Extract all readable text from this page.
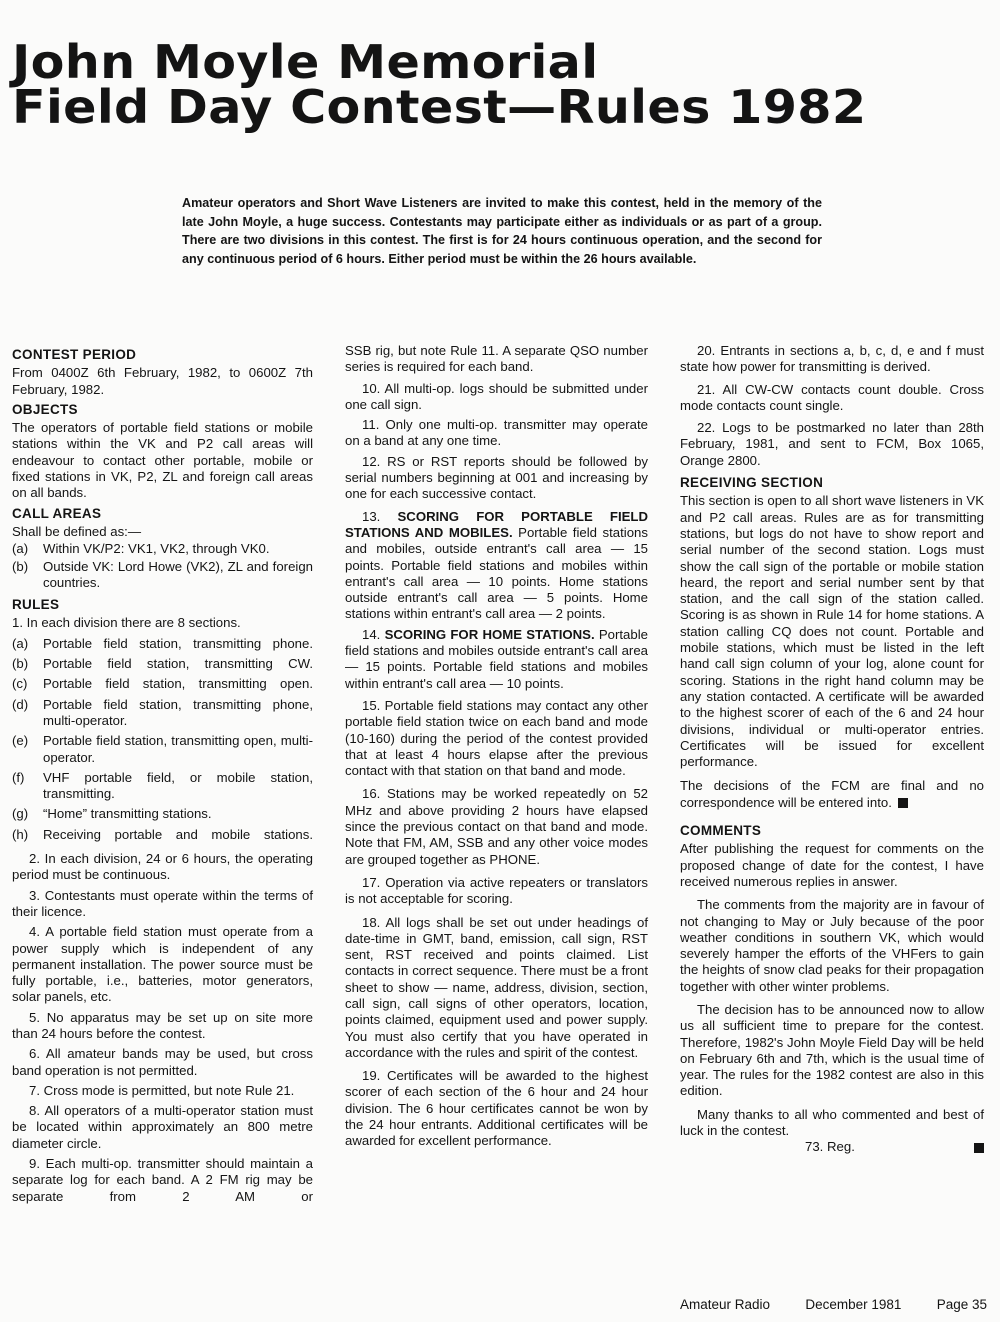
John Moyle Memorial
Field Day Contest—Rules 1982
Amateur operators and Short Wave Listeners are invited to make this contest, held in the memory of the late John Moyle, a huge success. Contestants may participate either as individuals or as part of a group. There are two divisions in this contest. The first is for 24 hours continuous operation, and the second for any continuous period of 6 hours. Either period must be within the 26 hours available.
CONTEST PERIOD

From 0400Z 6th February, 1982, to 0600Z 7th February, 1982.

OBJECTS

The operators of portable field stations or mobile stations within the VK and P2 call areas will endeavour to contact other portable, mobile or fixed stations in VK, P2, ZL and foreign call areas on all bands.

CALL AREAS

Shall be defined as:—

(a)	Within VK/P2: VK1, VK2, through VK0.
(b)	Outside VK: Lord Howe (VK2), ZL and foreign countries.
RULES

1. In each division there are 8 sections.

(a)	Portable field station, transmitting phone.
(b)	Portable field station, transmitting CW.
(c)	Portable field station, transmitting open.
(d)	Portable field station, transmitting phone, multi-operator.
(e)	Portable field station, transmitting open, multi-operator.
(f)	VHF portable field, or mobile station, transmitting.
(g)	“Home” transmitting stations.
(h)	Receiving portable and mobile stations.

2. In each division, 24 or 6 hours, the operating period must be continuous.

3. Contestants must operate within the terms of their licence.

4. A portable field station must operate from a power supply which is independent of any permanent installation. The power source must be fully portable, i.e., batteries, motor generators, solar panels, etc.

5. No apparatus may be set up on site more than 24 hours before the contest.

6. All amateur bands may be used, but cross band operation is not permitted.

7. Cross mode is permitted, but note Rule 21.

8. All operators of a multi-operator station must be located within approximately an 800 metre diameter circle.

9. Each multi-op. transmitter should maintain a separate log for each band. A 2 FM rig may be separate from 2 AM or

SSB rig, but note Rule 11. A separate QSO number series is required for each band.

10. All multi-op. logs should be submitted under one call sign.

11. Only one multi-op. transmitter may operate on a band at any one time.

12. RS or RST reports should be followed by serial numbers beginning at 001 and increasing by one for each successive contact.

13. SCORING FOR PORTABLE FIELD STATIONS AND MOBILES. Portable field stations and mobiles, outside entrant's call area — 15 points. Portable field stations and mobiles within entrant's call area — 10 points. Home stations outside entrant's call area — 5 points. Home stations within entrant's call area — 2 points.

14. SCORING FOR HOME STATIONS. Portable field stations and mobiles outside entrant's call area — 15 points. Portable field stations and mobiles within entrant's call area — 10 points.

15. Portable field stations may contact any other portable field station twice on each band and mode (10-160) during the period of the contest provided that at least 4 hours elapse after the previous contact with that station on that band and mode.

16. Stations may be worked repeatedly on 52 MHz and above providing 2 hours have elapsed since the previous contact on that band and mode. Note that FM, AM, SSB and any other voice modes are grouped together as PHONE.

17. Operation via active repeaters or translators is not acceptable for scoring.

18. All logs shall be set out under headings of date-time in GMT, band, emission, call sign, RST sent, RST received and points claimed. List contacts in correct sequence. There must be a front sheet to show — name, address, division, section, call sign, call signs of other operators, location, points claimed, equipment used and power supply. You must also certify that you have operated in accordance with the rules and spirit of the contest.

19. Certificates will be awarded to the highest scorer of each section of the 6 hour and 24 hour division. The 6 hour certificates cannot be won by the 24 hour entrants. Additional certificates will be awarded for excellent performance.

20. Entrants in sections a, b, c, d, e and f must state how power for transmitting is derived.

21. All CW-CW contacts count double. Cross mode contacts count single.

22. Logs to be postmarked no later than 28th February, 1981, and sent to FCM, Box 1065, Orange 2800.

RECEIVING SECTION

This section is open to all short wave listeners in VK and P2 call areas. Rules are as for transmitting stations, but logs do not have to show report and serial number of the second station. Logs must show the call sign of the portable or mobile station heard, the report and serial number sent by that station, and the call sign of the station called. Scoring is as shown in Rule 14 for home stations. A station calling CQ does not count. Portable and mobile stations, which must be listed in the left hand call sign column of your log, alone count for scoring. Stations in the right hand column may be any station contacted. A certificate will be awarded to the highest scorer of each of the 6 and 24 hour divisions, individual or multi-operator entries. Certificates will be issued for excellent performance.

The decisions of the FCM are final and no correspondence will be entered into.

COMMENTS

After publishing the request for comments on the proposed change of date for the contest, I have received numerous replies in answer.

The comments from the majority are in favour of not changing to May or July because of the poor weather conditions in southern VK, which would severely hamper the efforts of the VHFers to gain the heights of snow clad peaks for their propagation together with other winter problems.

The decision has to be announced now to allow us all sufficient time to prepare for the contest. Therefore, 1982's John Moyle Field Day will be held on February 6th and 7th, which is the usual time of year. The rules for the 1982 contest are also in this edition.

Many thanks to all who commented and best of luck in the contest.

73. Reg.
Amateur Radio	December 1981	Page 35
